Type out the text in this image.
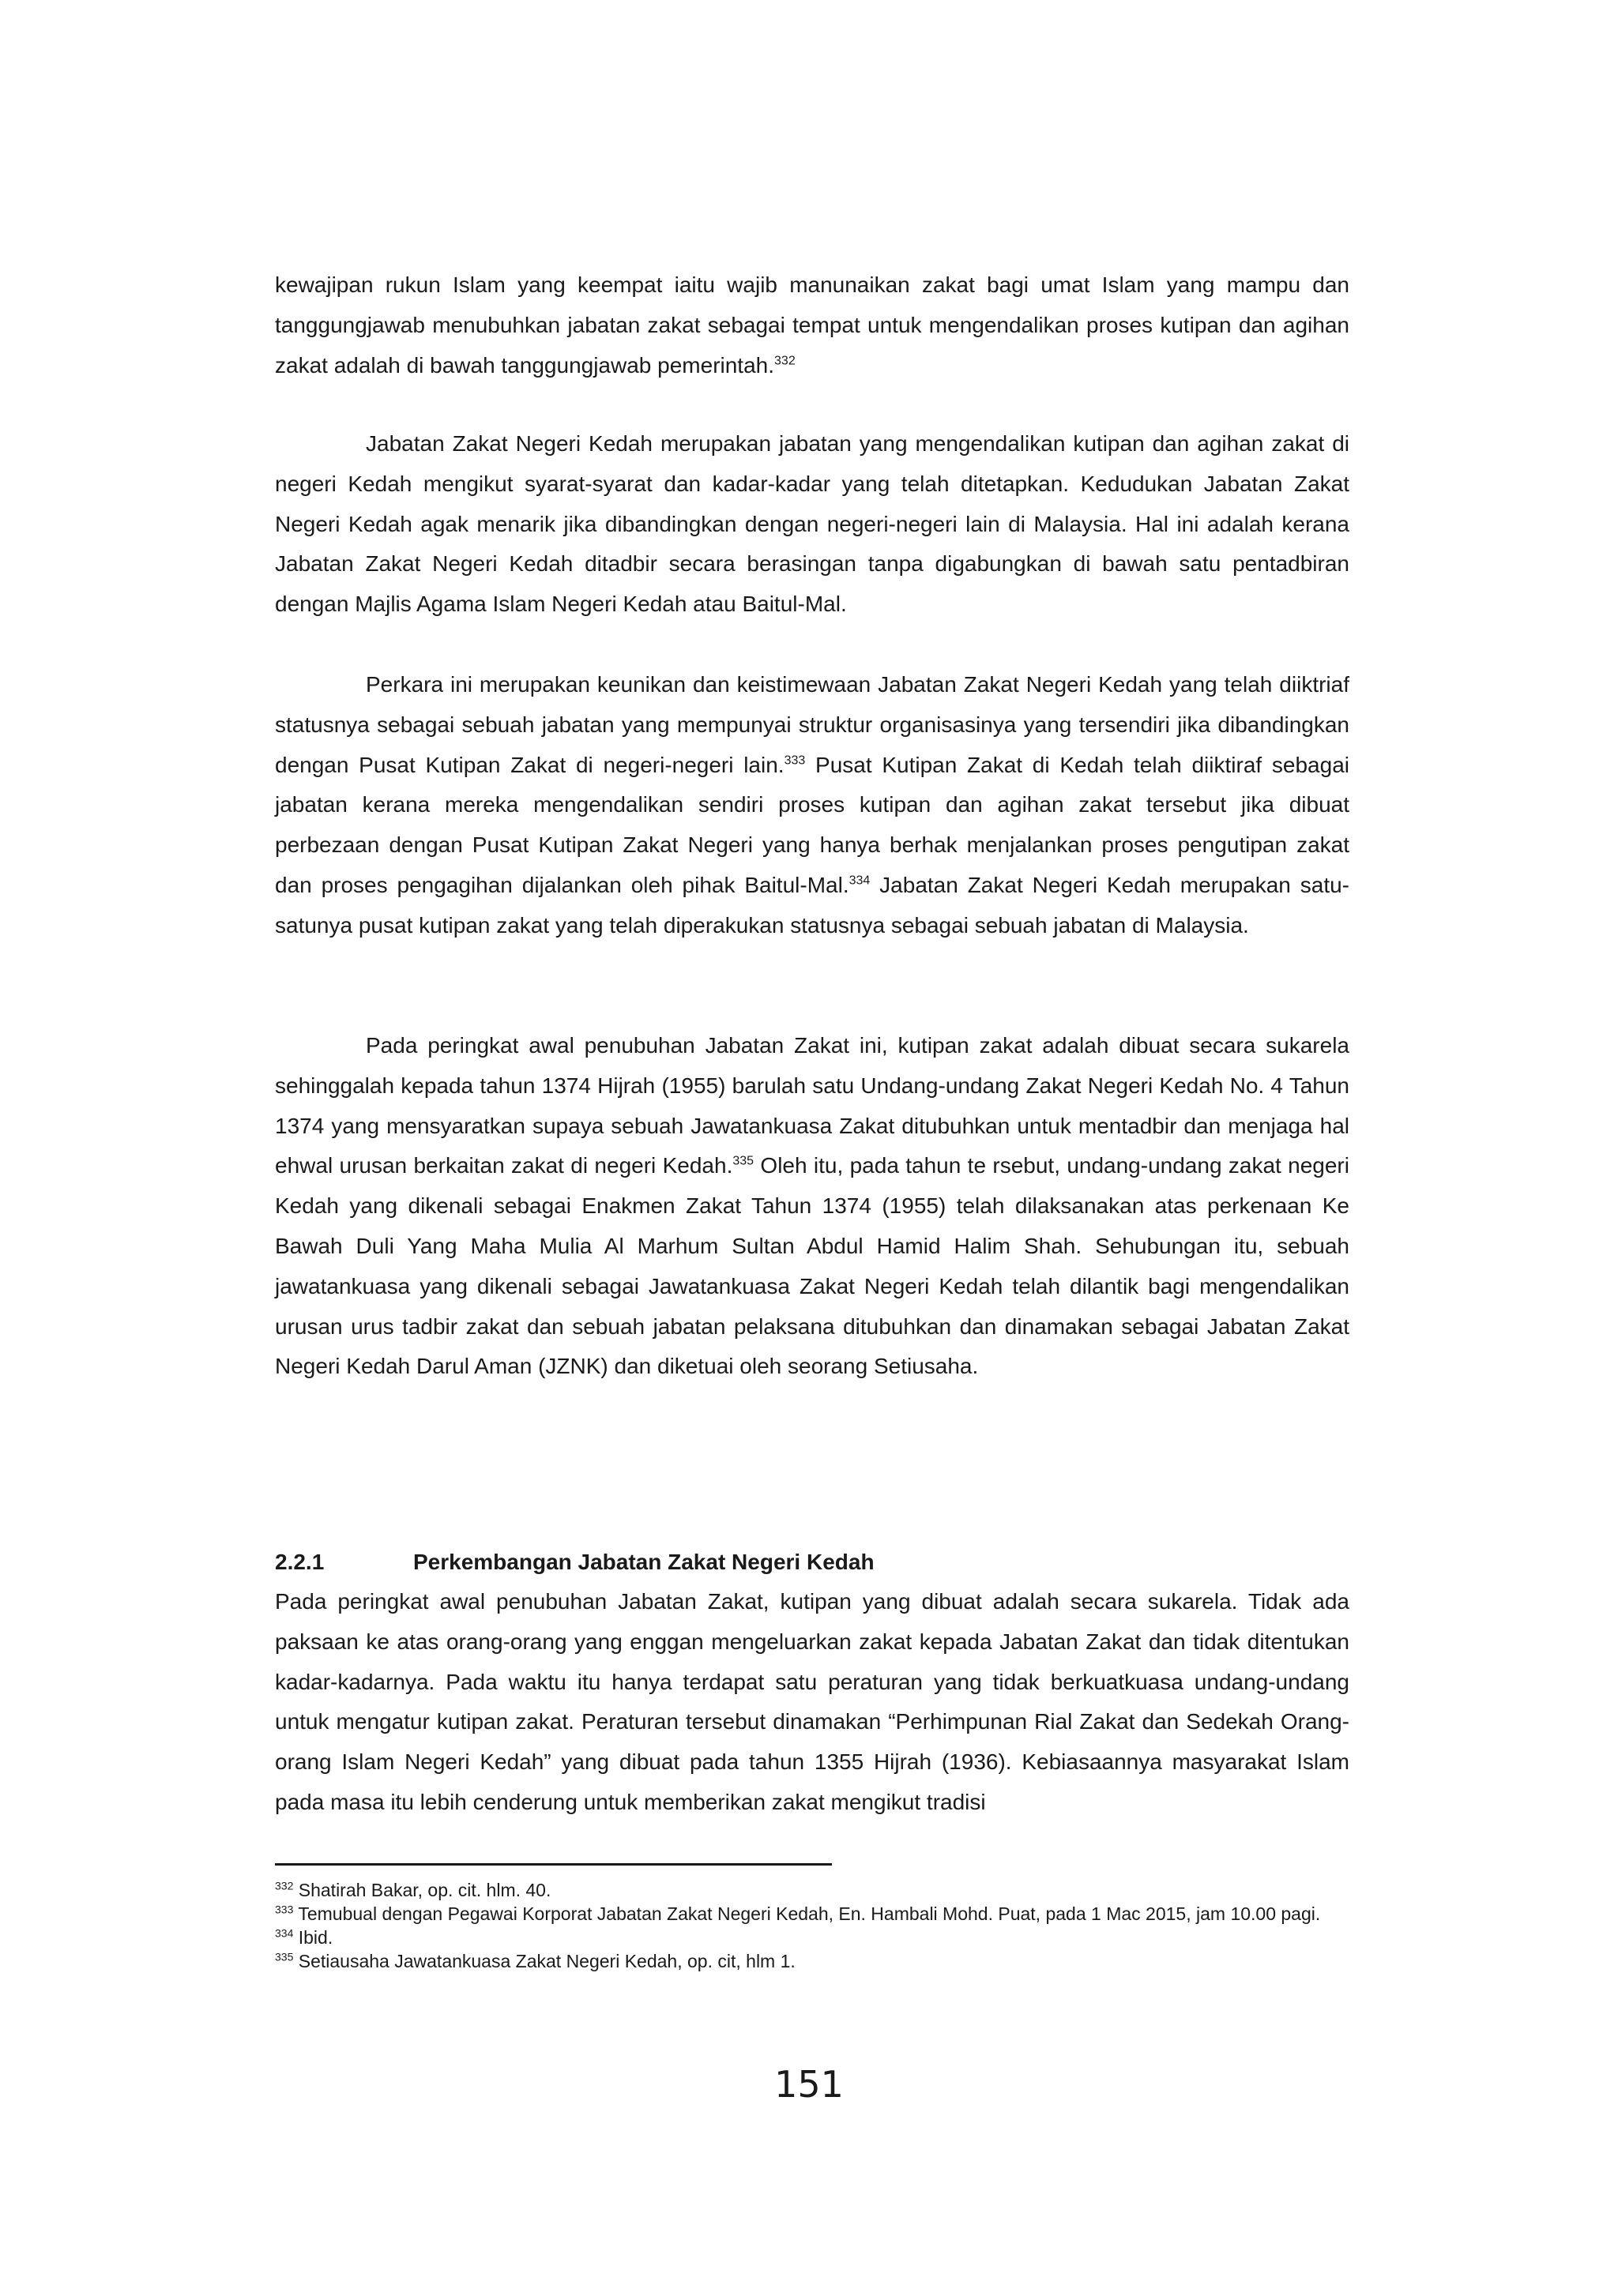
kewajipan rukun Islam yang keempat iaitu wajib manunaikan zakat bagi umat Islam yang mampu dan tanggungjawab menubuhkan jabatan zakat sebagai tempat untuk mengendalikan proses kutipan dan agihan zakat adalah di bawah tanggungjawab pemerintah.$^{332}$

Jabatan Zakat Negeri Kedah merupakan jabatan yang mengendalikan kutipan dan agihan zakat di negeri Kedah mengikut syarat-syarat dan kadar-kadar yang telah ditetapkan. Kedudukan Jabatan Zakat Negeri Kedah agak menarik jika dibandingkan dengan negeri-negeri lain di Malaysia. Hal ini adalah kerana Jabatan Zakat Negeri Kedah ditadbir secara berasingan tanpa digabungkan di bawah satu pentadbiran dengan Majlis Agama Islam Negeri Kedah atau Baitul-Mal.

Perkara ini merupakan keunikan dan keistimewaan Jabatan Zakat Negeri Kedah yang telah diiktriaf statusnya sebagai sebuah jabatan yang mempunyai struktur organisasinya yang tersendiri jika dibandingkan dengan Pusat Kutipan Zakat di negeri-negeri lain.$^{333}$ Pusat Kutipan Zakat di Kedah telah diiktiraf sebagai jabatan kerana mereka mengendalikan sendiri proses kutipan dan agihan zakat tersebut jika dibuat perbezaan dengan Pusat Kutipan Zakat Negeri yang hanya berhak menjalankan proses pengutipan zakat dan proses pengagihan dijalankan oleh pihak Baitul-Mal.$^{334}$ Jabatan Zakat Negeri Kedah merupakan satu-satunya pusat kutipan zakat yang telah diperakukan statusnya sebagai sebuah jabatan di Malaysia.

Pada peringkat awal penubuhan Jabatan Zakat ini, kutipan zakat adalah dibuat secara sukarela sehinggalah kepada tahun 1374 Hijrah (1955) barulah satu Undang-undang Zakat Negeri Kedah No. 4 Tahun 1374 yang mensyaratkan supaya sebuah Jawatankuasa Zakat ditubuhkan untuk mentadbir dan menjaga hal ehwal urusan berkaitan zakat di negeri Kedah.$^{335}$ Oleh itu, pada tahun te rsebut, undang-undang zakat negeri Kedah yang dikenali sebagai Enakmen Zakat Tahun 1374 (1955) telah dilaksanakan atas perkenaan Ke Bawah Duli Yang Maha Mulia Al Marhum Sultan Abdul Hamid Halim Shah. Sehubungan itu, sebuah jawatankuasa yang dikenali sebagai Jawatankuasa Zakat Negeri Kedah telah dilantik bagi mengendalikan urusan urus tadbir zakat dan sebuah jabatan pelaksana ditubuhkan dan dinamakan sebagai Jabatan Zakat Negeri Kedah Darul Aman (JZNK) dan diketuai oleh seorang Setiusaha.

2.2.1	Perkembangan Jabatan Zakat Negeri Kedah

Pada peringkat awal penubuhan Jabatan Zakat, kutipan yang dibuat adalah secara sukarela. Tidak ada paksaan ke atas orang-orang yang enggan mengeluarkan zakat kepada Jabatan Zakat dan tidak ditentukan kadar-kadarnya. Pada waktu itu hanya terdapat satu peraturan yang tidak berkuatkuasa undang-undang untuk mengatur kutipan zakat. Peraturan tersebut dinamakan “Perhimpunan Rial Zakat dan Sedekah Orang-orang Islam Negeri Kedah” yang dibuat pada tahun 1355 Hijrah (1936). Kebiasaannya masyarakat Islam pada masa itu lebih cenderung untuk memberikan zakat mengikut tradisi

$^{332}$ Shatirah Bakar, op. cit. hlm. 40.
$^{333}$ Temubual dengan Pegawai Korporat Jabatan Zakat Negeri Kedah, En. Hambali Mohd. Puat, pada 1 Mac 2015, jam 10.00 pagi.
$^{334}$ Ibid.
$^{335}$ Setiausaha Jawatankuasa Zakat Negeri Kedah, op. cit, hlm 1.

151
